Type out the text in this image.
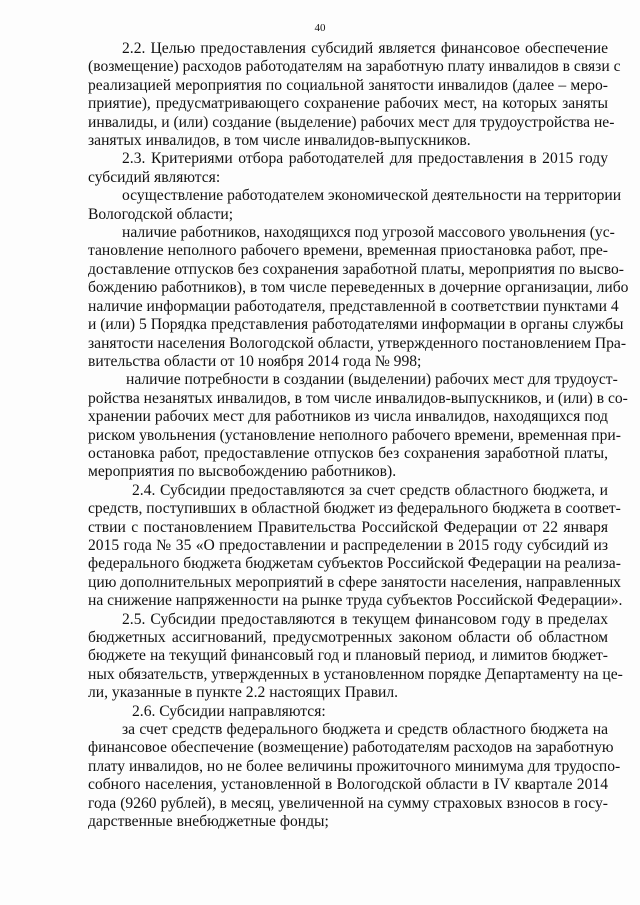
40
2.2. Целью предоставления субсидий является финансовое обеспечение
(возмещение) расходов работодателям на заработную плату инвалидов в связи с
реализацией мероприятия по социальной занятости инвалидов (далее – меро-
приятие), предусматривающего сохранение рабочих мест, на которых заняты
инвалиды, и (или) создание (выделение) рабочих мест для трудоустройства не-
занятых инвалидов, в том числе инвалидов-выпускников.
2.3. Критериями отбора работодателей для предоставления в 2015 году
субсидий являются:
осуществление работодателем экономической деятельности на территории
Вологодской области;
наличие работников, находящихся под угрозой массового увольнения (ус-
тановление неполного рабочего времени, временная приостановка работ, пре-
доставление отпусков без сохранения заработной платы, мероприятия по высво-
бождению работников), в том числе переведенных в дочерние организации, либо
наличие информации работодателя, представленной в соответствии пунктами 4
и (или) 5 Порядка представления работодателями информации в органы службы
занятости населения Вологодской области, утвержденного постановлением Пра-
вительства области от 10 ноября 2014 года № 998;
наличие потребности в создании (выделении) рабочих мест для трудоуст-
ройства незанятых инвалидов, в том числе инвалидов-выпускников, и (или) в со-
хранении рабочих мест для работников из числа инвалидов, находящихся под
риском увольнения (установление неполного рабочего времени, временная при-
остановка работ, предоставление отпусков без сохранения заработной платы,
мероприятия по высвобождению работников).
2.4. Субсидии предоставляются за счет средств областного бюджета, и
средств, поступивших в областной бюджет из федерального бюджета в соответ-
ствии с постановлением Правительства Российской Федерации от 22 января
2015 года № 35 «О предоставлении и распределении в 2015 году субсидий из
федерального бюджета бюджетам субъектов Российской Федерации на реализа-
цию дополнительных мероприятий в сфере занятости населения, направленных
на снижение напряженности на рынке труда субъектов Российской Федерации».
2.5. Субсидии предоставляются в текущем финансовом году в пределах
бюджетных ассигнований, предусмотренных законом области об областном
бюджете на текущий финансовый год и плановый период, и лимитов бюджет-
ных обязательств, утвержденных в установленном порядке Департаменту на це-
ли, указанные в пункте 2.2 настоящих Правил.
2.6. Субсидии направляются:
за счет средств федерального бюджета и средств областного бюджета на
финансовое обеспечение (возмещение) работодателям расходов на заработную
плату инвалидов, но не более величины прожиточного минимума для трудоспо-
собного населения, установленной в Вологодской области в IV квартале 2014
года (9260 рублей), в месяц, увеличенной на сумму страховых взносов в госу-
дарственные внебюджетные фонды;
